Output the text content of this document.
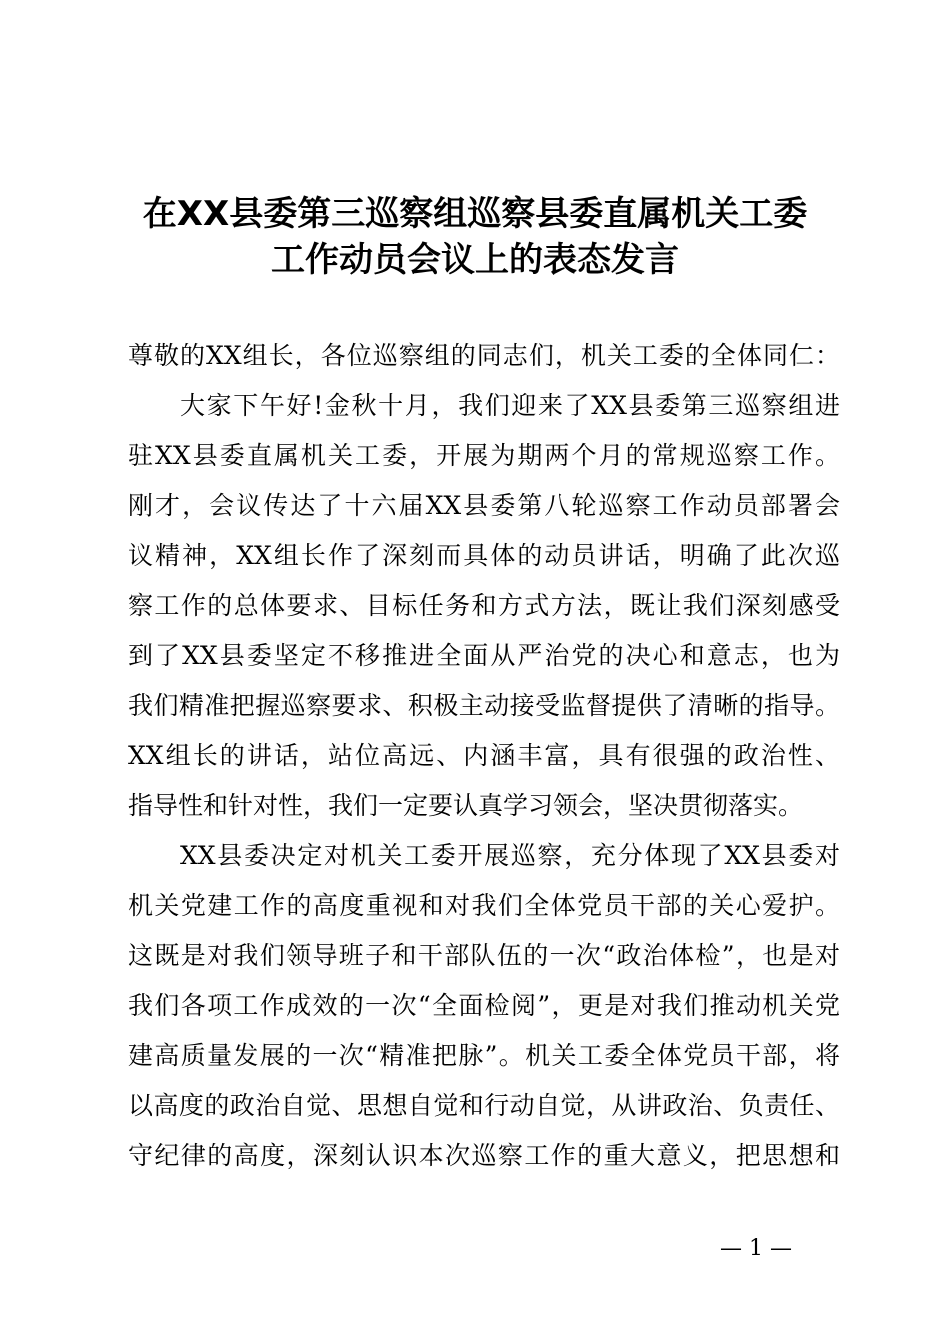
在XX县委第三巡察组巡察县委直属机关工委
工作动员会议上的表态发言
尊敬的XX组长，各位巡察组的同志们，机关工委的全体同仁：
大家下午好!金秋十月，我们迎来了XX县委第三巡察组进
驻XX县委直属机关工委，开展为期两个月的常规巡察工作。
刚才，会议传达了十六届XX县委第八轮巡察工作动员部署会
议精神，XX组长作了深刻而具体的动员讲话，明确了此次巡
察工作的总体要求、目标任务和方式方法，既让我们深刻感受
到了XX县委坚定不移推进全面从严治党的决心和意志，也为
我们精准把握巡察要求、积极主动接受监督提供了清晰的指导。
XX组长的讲话，站位高远、内涵丰富，具有很强的政治性、
指导性和针对性，我们一定要认真学习领会，坚决贯彻落实。
XX县委决定对机关工委开展巡察，充分体现了XX县委对
机关党建工作的高度重视和对我们全体党员干部的关心爱护。
这既是对我们领导班子和干部队伍的一次“政治体检”，也是对
我们各项工作成效的一次“全面检阅”，更是对我们推动机关党
建高质量发展的一次“精准把脉”。机关工委全体党员干部，将
以高度的政治自觉、思想自觉和行动自觉，从讲政治、负责任、
守纪律的高度，深刻认识本次巡察工作的重大意义，把思想和
— 1 —
